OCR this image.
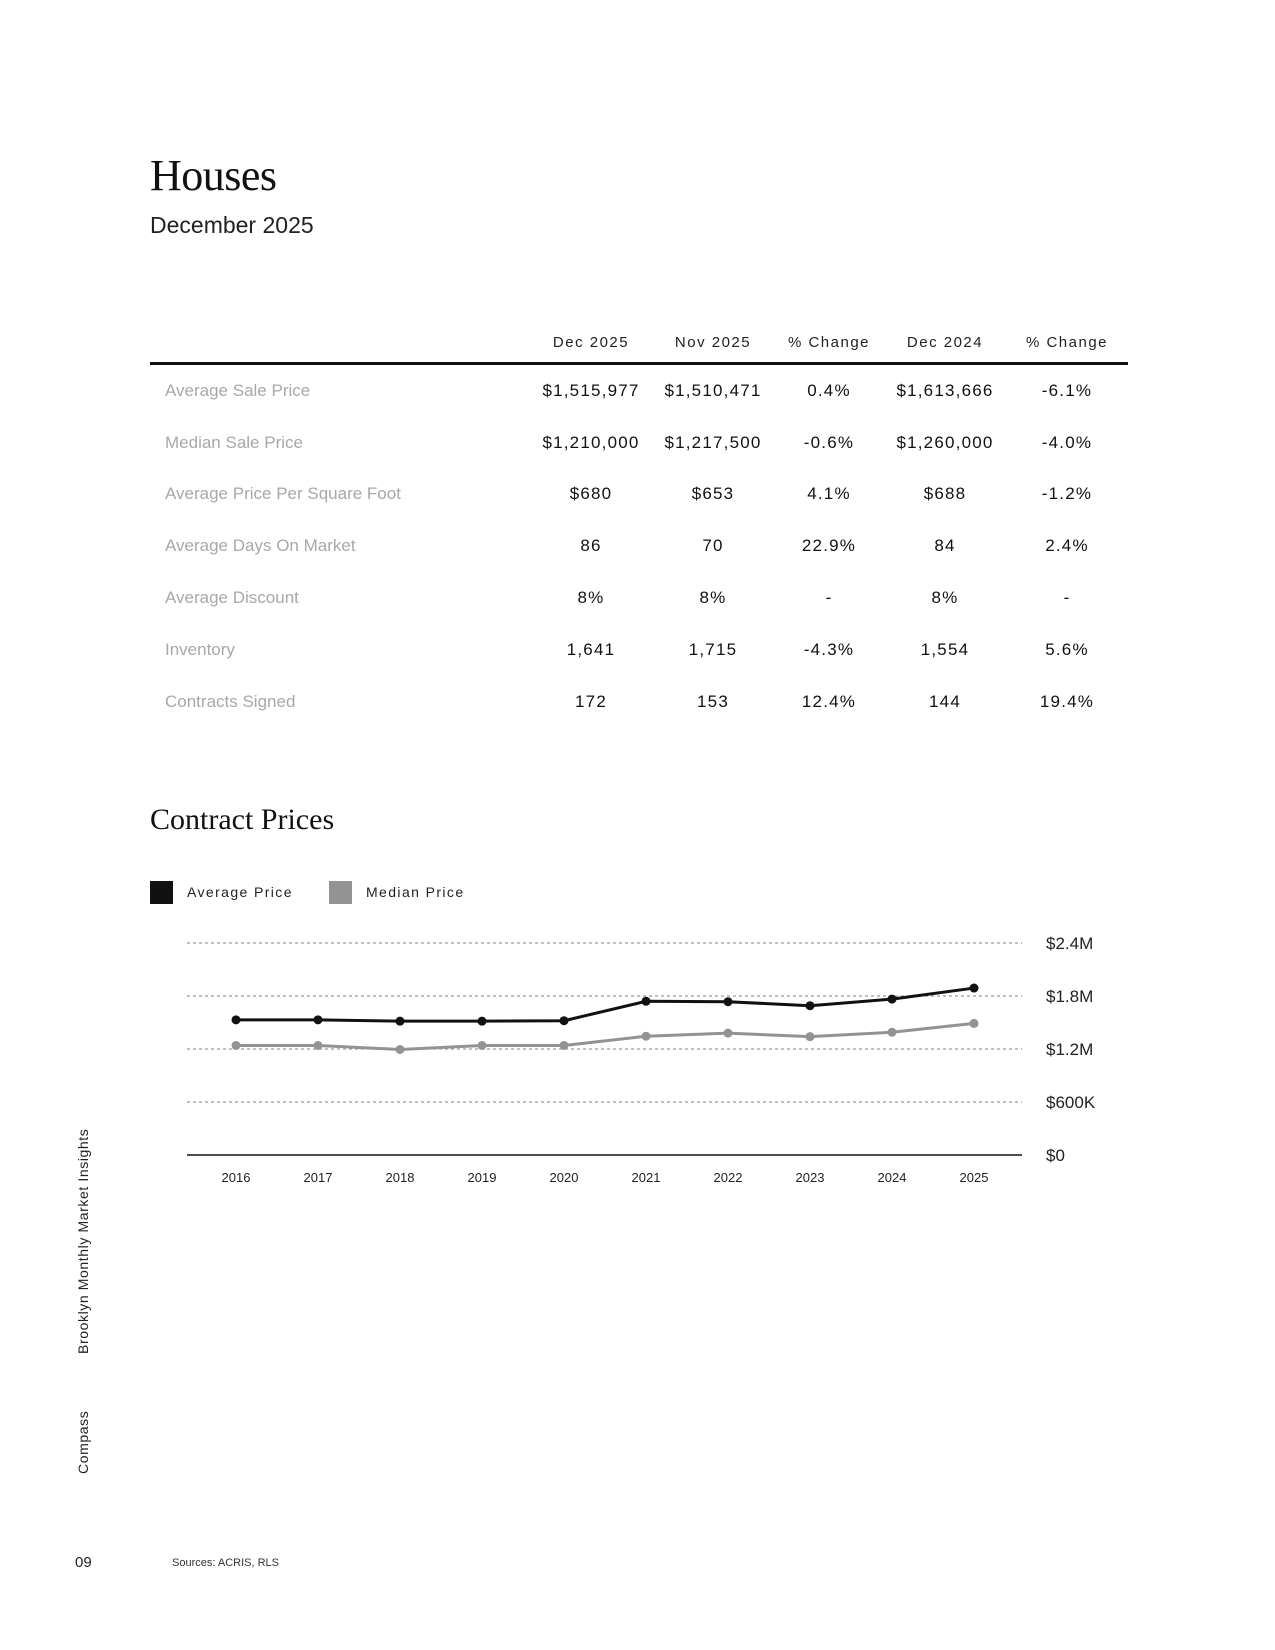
Houses
December 2025
	Dec 2025	Nov 2025	% Change	Dec 2024	% Change
Average Sale Price	$1,515,977	$1,510,471	0.4%	$1,613,666	-6.1%
Median Sale Price	$1,210,000	$1,217,500	-0.6%	$1,260,000	-4.0%
Average Price Per Square Foot	$680	$653	4.1%	$688	-1.2%
Average Days On Market	86	70	22.9%	84	2.4%
Average Discount	8%	8%	-	8%	-
Inventory	1,641	1,715	-4.3%	1,554	5.6%
Contracts Signed	172	153	12.4%	144	19.4%
Contract Prices
Average Price	Median Price
$0
$600K
$1.2M
$1.8M
$2.4M
2016	2017	2018	2019	2020	2021	2022	2023	2024	2025
Brooklyn Monthly Market Insights
Compass
09	Sources: ACRIS, RLS
